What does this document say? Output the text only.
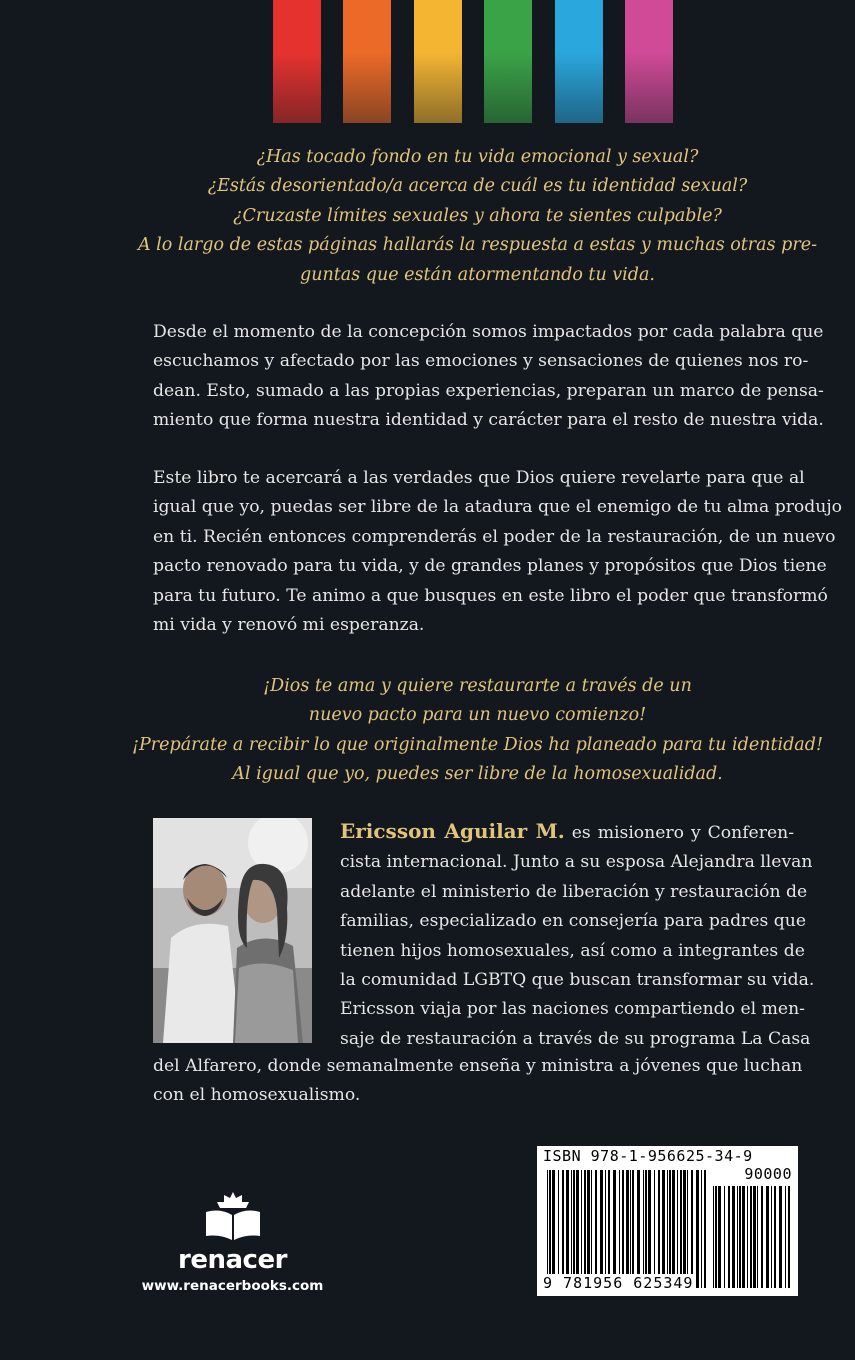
¿Has tocado fondo en tu vida emocional y sexual?
¿Estás desorientado/a acerca de cuál es tu identidad sexual?
¿Cruzaste límites sexuales y ahora te sientes culpable?
A lo largo de estas páginas hallarás la respuesta a estas y muchas otras pre-
guntas que están atormentando tu vida.
Desde el momento de la concepción somos impactados por cada palabra que
escuchamos y afectado por las emociones y sensaciones de quienes nos ro-
dean. Esto, sumado a las propias experiencias, preparan un marco de pensa-
miento que forma nuestra identidad y carácter para el resto de nuestra vida.
Este libro te acercará a las verdades que Dios quiere revelarte para que al
igual que yo, puedas ser libre de la atadura que el enemigo de tu alma produjo
en ti. Recién entonces comprenderás el poder de la restauración, de un nuevo
pacto renovado para tu vida, y de grandes planes y propósitos que Dios tiene
para tu futuro. Te animo a que busques en este libro el poder que transformó
mi vida y renovó mi esperanza.
¡Dios te ama y quiere restaurarte a través de un
nuevo pacto para un nuevo comienzo!
¡Prepárate a recibir lo que originalmente Dios ha planeado para tu identidad!
Al igual que yo, puedes ser libre de la homosexualidad.
Ericsson Aguilar M. es misionero y Conferen-
cista internacional. Junto a su esposa Alejandra llevan
adelante el ministerio de liberación y restauración de
familias, especializado en consejería para padres que
tienen hijos homosexuales, así como a integrantes de
la comunidad LGBTQ que buscan transformar su vida.
Ericsson viaja por las naciones compartiendo el men-
saje de restauración a través de su programa La Casa
del Alfarero, donde semanalmente enseña y ministra a jóvenes que luchan
con el homosexualismo.
renacer
www.renacerbooks.com
ISBN 978-1-956625-34-9
90000
9 781956 625349
